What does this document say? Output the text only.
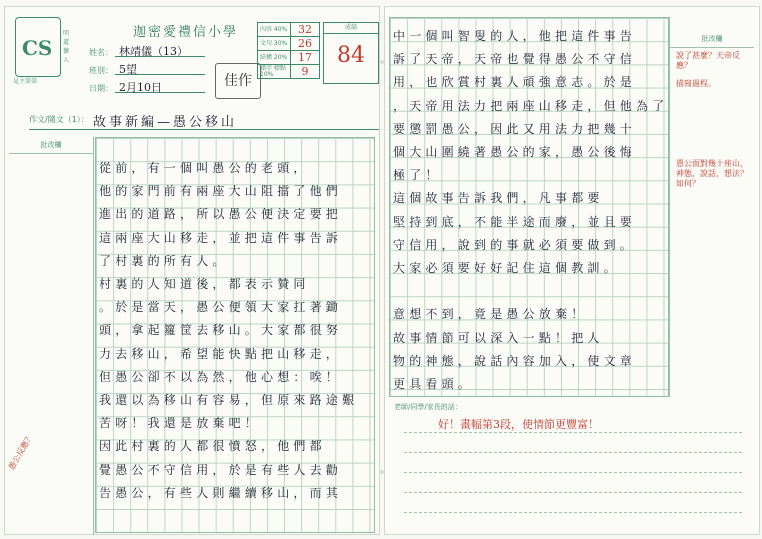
CS
見主榮榮
明道懷人
迦密愛禮信小學
姓名： 林靖儀（13）
班別： 5望
日期： 2月10日	佳作
內容 40%	32
文句 30%	26
結構 20%	17
錯字 標點 10%	9
成績
84
作文/隨文（1）： 故事新編—愚公移山
批改欄
愚公反應？
從前，有一個叫愚公的老頭，
他的家門前有兩座大山阻擋了他們
進出的道路，所以愚公便決定要把
這兩座大山移走，並把這件事告訴
了村裏的所有人。
村裏的人知道後，都表示贊同
。於是當天，愚公便領大家扛著鋤
頭，拿起籮筐去移山。大家都很努
力去移山，希望能快點把山移走，
但愚公卻不以為然，他心想：唉！
我還以為移山有容易，但原來路途艱
苦呀！我還是放棄吧！
因此村裏的人都很憤怒，他們都
覺愚公不守信用，於是有些人去勸
告愚公，有些人則繼續移山，而其
中一個叫智叟的人，他把這件事告
訴了天帝，天帝也覺得愚公不守信
用，也欣賞村裏人頑強意志。於是
，天帝用法力把兩座山移走，但他為了
要懲罰愚公，因此又用法力把幾十
個大山圍繞著愚公的家，愚公後悔
極了！
這個故事告訴我們，凡事都要
堅持到底，不能半途而廢，並且要
守信用，說到的事就必須要做到。
大家必須要好好記住這個教訓。
意想不到，竟是愚公放棄！
故事情節可以深入一點！把人
物的神態，說話內容加入，使文章
更具看頭。
批改欄
說了甚麼？天帝反應？
描寫過程。
愚公面對幾十座山，神態，說話，想法？如何？
老師/同學/家長的話：
好！畫幅第3段，使情節更豐富！
